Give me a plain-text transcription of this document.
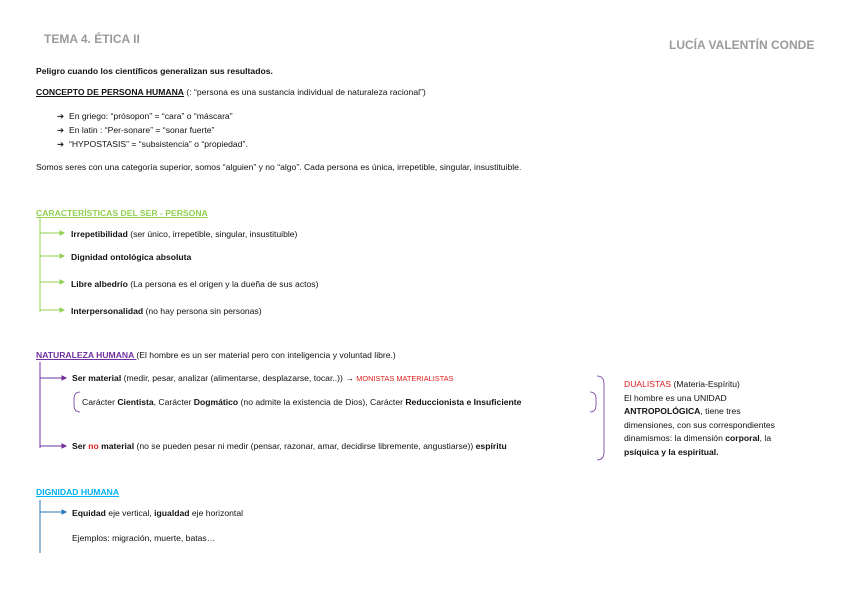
TEMA 4. ÉTICA II	LUCÍA VALENTÍN CONDE
Peligro cuando los científicos generalizan sus resultados.
CONCEPTO DE PERSONA HUMANA (: “persona es una sustancia individual de naturaleza racional”)
➔ En griego: “prósopon” = “cara” o “máscara”
➔ En latin : “Per-sonare” = “sonar fuerte”
➔ “HYPOSTASIS” = “subsistencia” o “propiedad”.
Somos seres con una categoría superior, somos “alguien” y no “algo”. Cada persona es única, irrepetible, singular, insustituible.
CARACTERÍSTICAS DEL SER - PERSONA
Irrepetibilidad (ser único, irrepetible, singular, insustituible)
Dignidad ontológica absoluta
Libre albedrío (La persona es el origen y la dueña de sus actos)
Interpersonalidad (no hay persona sin personas)
NATURALEZA HUMANA (El hombre es un ser material pero con inteligencia y voluntad libre.)
Ser material (medir, pesar, analizar (alimentarse, desplazarse, tocar..)) → MONISTAS MATERIALISTAS
Carácter Cientista, Carácter Dogmático (no admite la existencia de Dios), Carácter Reduccionista e Insuficiente
Ser no material (no se pueden pesar ni medir (pensar, razonar, amar, decidirse libremente, angustiarse)) espíritu
DUALISTAS (Materia-Espíritu)
El hombre es una UNIDAD
ANTROPOLÓGICA, tiene tres
dimensiones, con sus correspondientes
dinamismos: la dimensión corporal, la
psíquica y la espiritual.
DIGNIDAD HUMANA
Equidad eje vertical, igualdad eje horizontal
Ejemplos: migración, muerte, batas…
